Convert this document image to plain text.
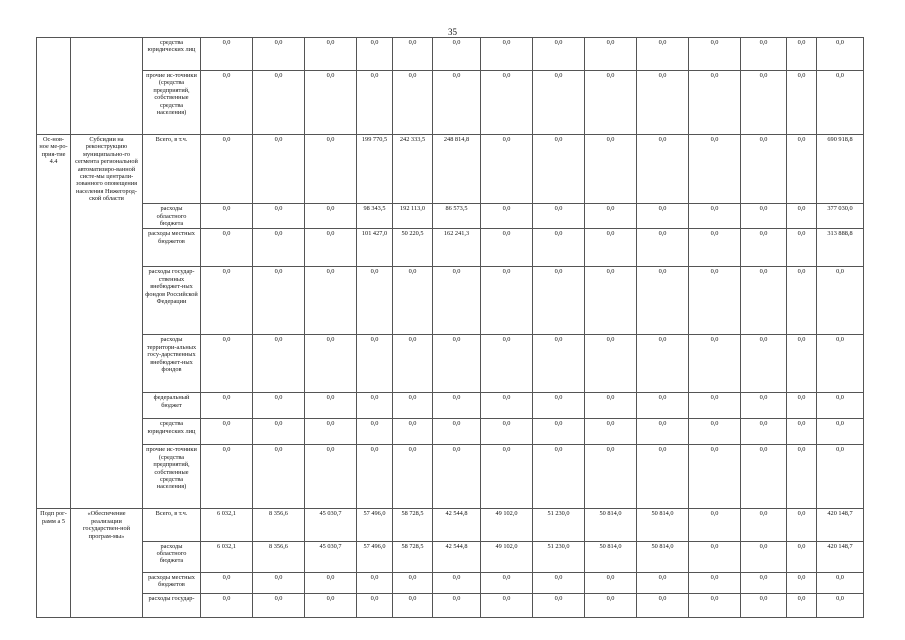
35
		средства юридических лиц	0,0	0,0	0,0	0,0	0,0	0,0	0,0	0,0	0,0	0,0	0,0	0,0	0,0	0,0
		прочие ис-точники (средства предприятий, собственные средства населения)	0,0	0,0	0,0	0,0	0,0	0,0	0,0	0,0	0,0	0,0	0,0	0,0	0,0	0,0
Ос-нов-ное ме-ро-прия-тие 4.4	Субсидии на реконструкцию муниципально-го сегмента региональной автоматизиро-ванной систе-мы централи-зованного оповещения населения Нижегород-ской области	Всего, в т.ч.	0,0	0,0	0,0	199 770,5	242 333,5	248 814,8	0,0	0,0	0,0	0,0	0,0	0,0	0,0	690 918,8
		расходы областного бюджета	0,0	0,0	0,0	98 343,5	192 113,0	86 573,5	0,0	0,0	0,0	0,0	0,0	0,0	0,0	377 030,0
		расходы местных бюджетов	0,0	0,0	0,0	101 427,0	50 220,5	162 241,3	0,0	0,0	0,0	0,0	0,0	0,0	0,0	313 888,8
		расходы государ-ственных внебюджет-ных фондов Российской Федерации	0,0	0,0	0,0	0,0	0,0	0,0	0,0	0,0	0,0	0,0	0,0	0,0	0,0	0,0
		расходы территори-альных госу-дарственных внебюджет-ных фондов	0,0	0,0	0,0	0,0	0,0	0,0	0,0	0,0	0,0	0,0	0,0	0,0	0,0	0,0
		федеральный бюджет	0,0	0,0	0,0	0,0	0,0	0,0	0,0	0,0	0,0	0,0	0,0	0,0	0,0	0,0
		средства юридических лиц	0,0	0,0	0,0	0,0	0,0	0,0	0,0	0,0	0,0	0,0	0,0	0,0	0,0	0,0
		прочие ис-точники (средства предприятий, собственные средства населения)	0,0	0,0	0,0	0,0	0,0	0,0	0,0	0,0	0,0	0,0	0,0	0,0	0,0	0,0
Подп рог-рамм а 5	«Обеспечение реализации государствен-ной програм-мы»	Всего, в т.ч.	6 032,1	8 356,6	45 030,7	57 496,0	58 728,5	42 544,8	49 102,0	51 230,0	50 814,0	50 814,0	0,0	0,0	0,0	420 148,7
		расходы областного бюджета	6 032,1	8 356,6	45 030,7	57 496,0	58 728,5	42 544,8	49 102,0	51 230,0	50 814,0	50 814,0	0,0	0,0	0,0	420 148,7
		расходы местных бюджетов	0,0	0,0	0,0	0,0	0,0	0,0	0,0	0,0	0,0	0,0	0,0	0,0	0,0	0,0
		расходы государ-	0,0	0,0	0,0	0,0	0,0	0,0	0,0	0,0	0,0	0,0	0,0	0,0	0,0	0,0
